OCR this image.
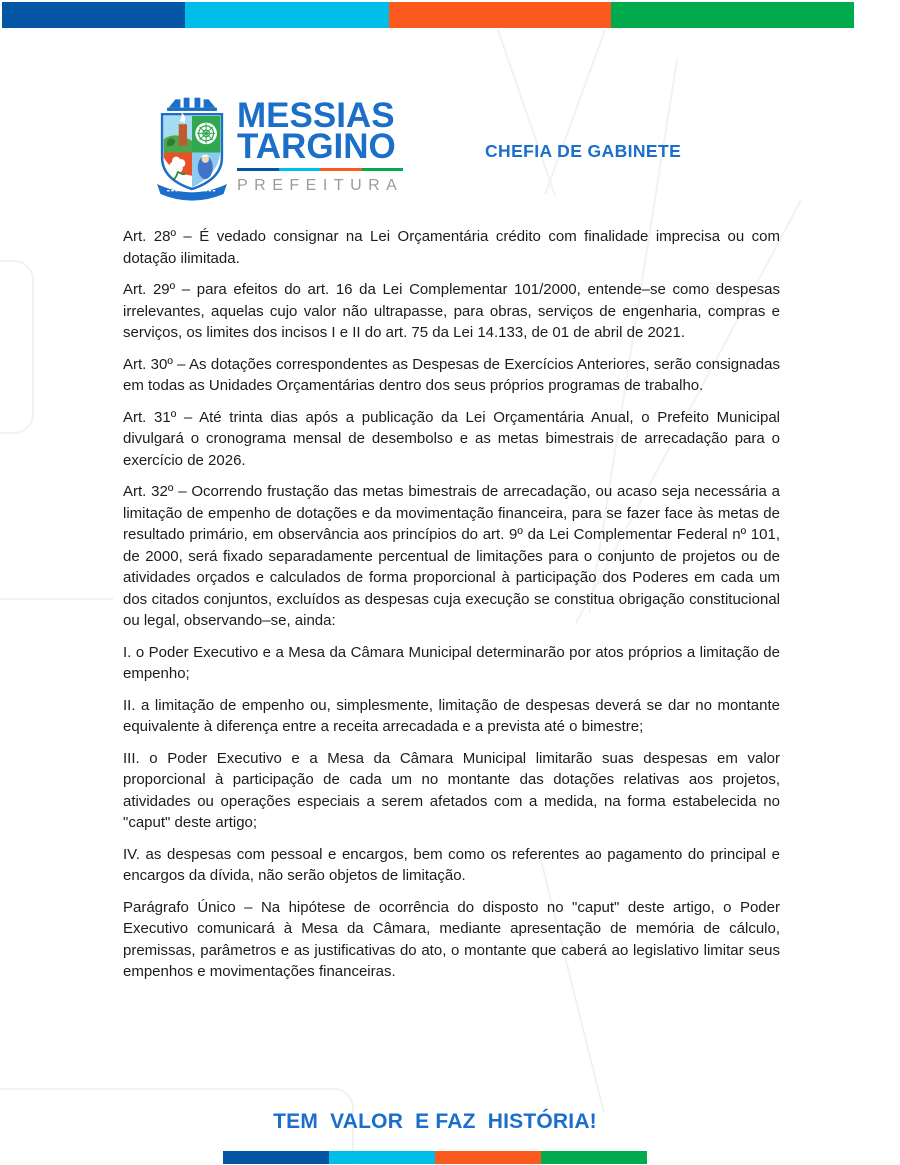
MESSIAS
TARGINO
PREFEITURA
CHEFIA DE GABINETE

Art. 28º – É vedado consignar na Lei Orçamentária crédito com finalidade imprecisa ou com dotação ilimitada.

Art. 29º – para efeitos do art. 16 da Lei Complementar 101/2000, entende–se como despesas irrelevantes, aquelas cujo valor não ultrapasse, para obras, serviços de engenharia, compras e serviços, os limites dos incisos I e II do art. 75 da Lei 14.133, de 01 de abril de 2021.

Art. 30º – As dotações correspondentes as Despesas de Exercícios Anteriores, serão consignadas em todas as Unidades Orçamentárias dentro dos seus próprios programas de trabalho.

Art. 31º – Até trinta dias após a publicação da Lei Orçamentária Anual, o Prefeito Municipal divulgará o cronograma mensal de desembolso e as metas bimestrais de arrecadação para o exercício de 2026.

Art. 32º – Ocorrendo frustação das metas bimestrais de arrecadação, ou acaso seja necessária a limitação de empenho de dotações e da movimentação financeira, para se fazer face às metas de resultado primário, em observância aos princípios do art. 9º da Lei Complementar Federal nº 101, de 2000, será fixado separadamente percentual de limitações para o conjunto de projetos ou de atividades orçados e calculados de forma proporcional à participação dos Poderes em cada um dos citados conjuntos, excluídos as despesas cuja execução se constitua obrigação constitucional ou legal, observando–se, ainda:

I. o Poder Executivo e a Mesa da Câmara Municipal determinarão por atos próprios a limitação de empenho;

II. a limitação de empenho ou, simplesmente, limitação de despesas deverá se dar no montante equivalente à diferença entre a receita arrecadada e a prevista até o bimestre;

III. o Poder Executivo e a Mesa da Câmara Municipal limitarão suas despesas em valor proporcional à participação de cada um no montante das dotações relativas aos projetos, atividades ou operações especiais a serem afetados com a medida, na forma estabelecida no "caput" deste artigo;

IV. as despesas com pessoal e encargos, bem como os referentes ao pagamento do principal e encargos da dívida, não serão objetos de limitação.

Parágrafo Único – Na hipótese de ocorrência do disposto no "caput" deste artigo, o Poder Executivo comunicará à Mesa da Câmara, mediante apresentação de memória de cálculo, premissas, parâmetros e as justificativas do ato, o montante que caberá ao legislativo limitar seus empenhos e movimentações financeiras.

TEM  VALOR  E FAZ  HISTÓRIA!
